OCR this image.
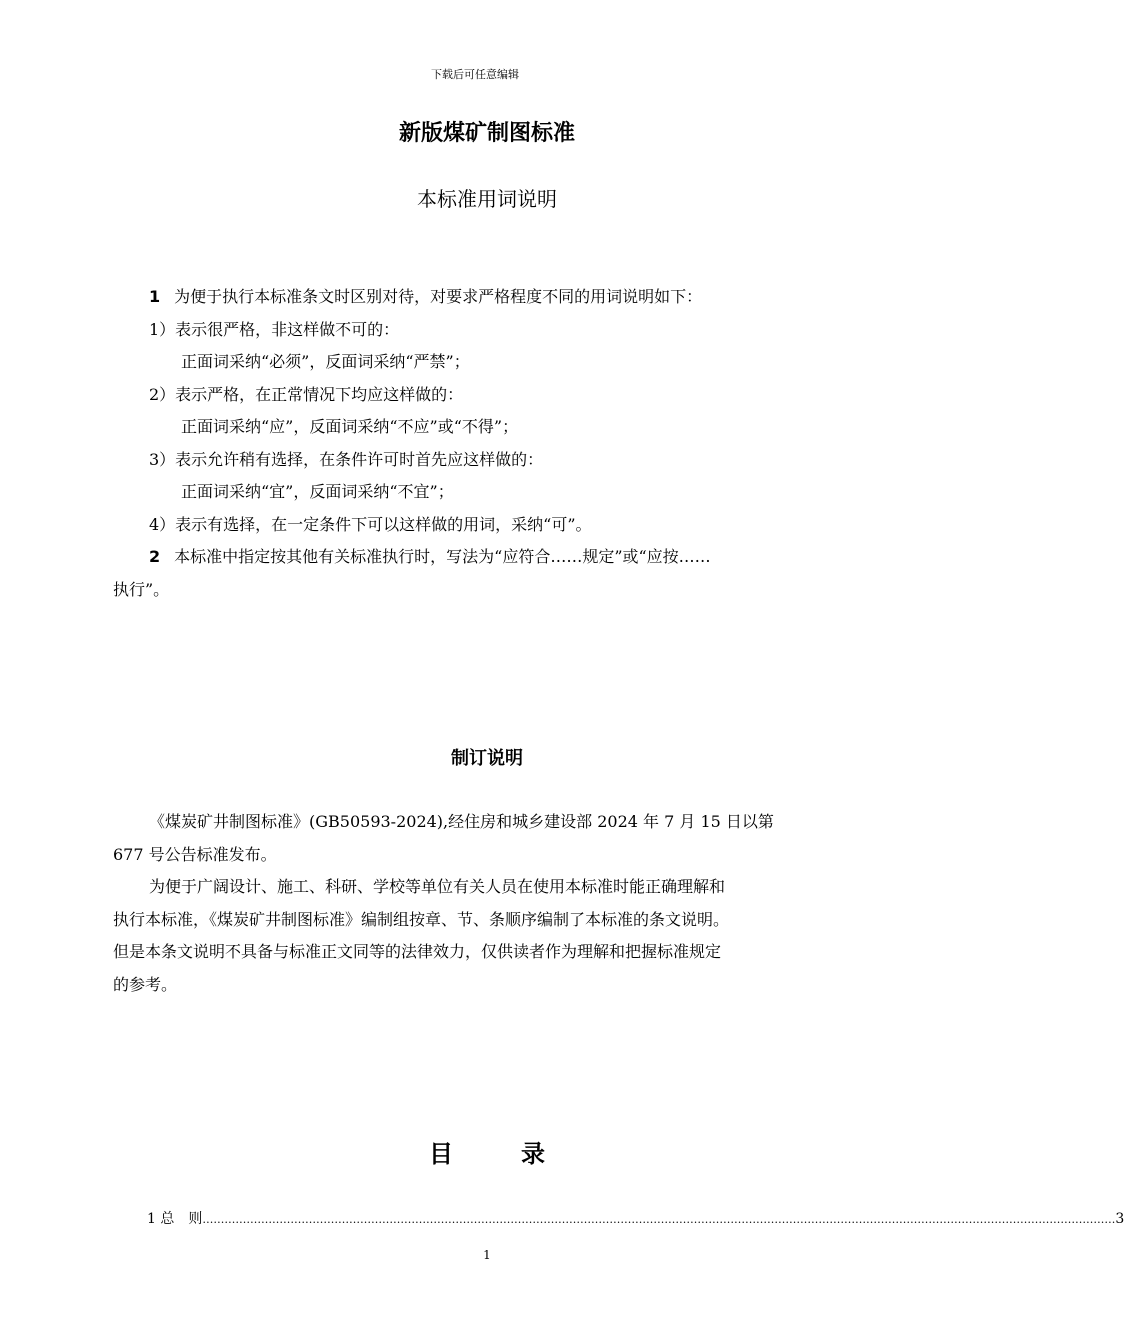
下载后可任意编辑
新版煤矿制图标准
本标准用词说明
1 为便于执行本标准条文时区别对待，对要求严格程度不同的用词说明如下：
1）表示很严格，非这样做不可的：
正面词采纳“必须”，反面词采纳“严禁”；
2）表示严格，在正常情况下均应这样做的：
正面词采纳“应”，反面词采纳“不应”或“不得”；
3）表示允许稍有选择，在条件许可时首先应这样做的：
正面词采纳“宜”，反面词采纳“不宜”；
4）表示有选择，在一定条件下可以这样做的用词，采纳“可”。
2 本标准中指定按其他有关标准执行时，写法为“应符合……规定”或“应按……
执行”。
制订说明
《煤炭矿井制图标准》(GB50593-2024),经住房和城乡建设部 2024 年 7 月 15 日以第
677 号公告标准发布。
为便于广阔设计、施工、科研、学校等单位有关人员在使用本标准时能正确理解和
执行本标准，《煤炭矿井制图标准》编制组按章、节、条顺序编制了本标准的条文说明。
但是本条文说明不具备与标准正文同等的法律效力，仅供读者作为理解和把握标准规定
的参考。
目	录
1 总　则 …………………………………………………………………………………………………………………………………………………………………………………………………………………………… 3
1
